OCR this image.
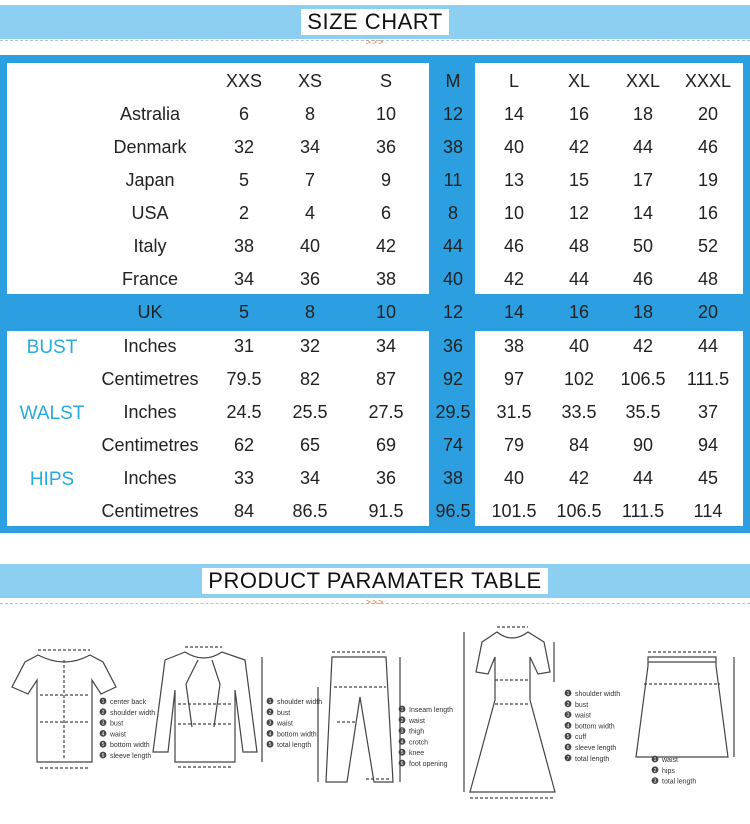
SIZE CHART
>>>
XXS	XS	S	M	L	XL	XXL	XXXL
Astralia	6	8	10	12	14	16	18	20
Denmark	32	34	36	38	40	42	44	46
Japan	5	7	9	11	13	15	17	19
USA	2	4	6	8	10	12	14	16
Italy	38	40	42	44	46	48	50	52
France	34	36	38	40	42	44	46	48
UK	5	8	10	12	14	16	18	20
BUST	Inches	31	32	34	36	38	40	42	44
Centimetres	79.5	82	87	92	97	102	106.5	111.5
WALST	Inches	24.5	25.5	27.5	29.5	31.5	33.5	35.5	37
Centimetres	62	65	69	74	79	84	90	94
HIPS	Inches	33	34	36	38	40	42	44	45
Centimetres	84	86.5	91.5	96.5	101.5	106.5	111.5	114
PRODUCT PARAMATER TABLE
>>>
1 center back
2 shoulder width
3 bust
4 waist
5 bottom width
6 sleeve length
1 shoulder width
2 bust
3 waist
4 bottom width
5 total length
1 Inseam length
2 waist
3 thigh
4 crotch
5 knee
6 foot opening
1 shoulder width
2 bust
3 waist
4 bottom width
5 cuff
6 sleeve length
7 total length	1 waist
2 hips
3 total length
